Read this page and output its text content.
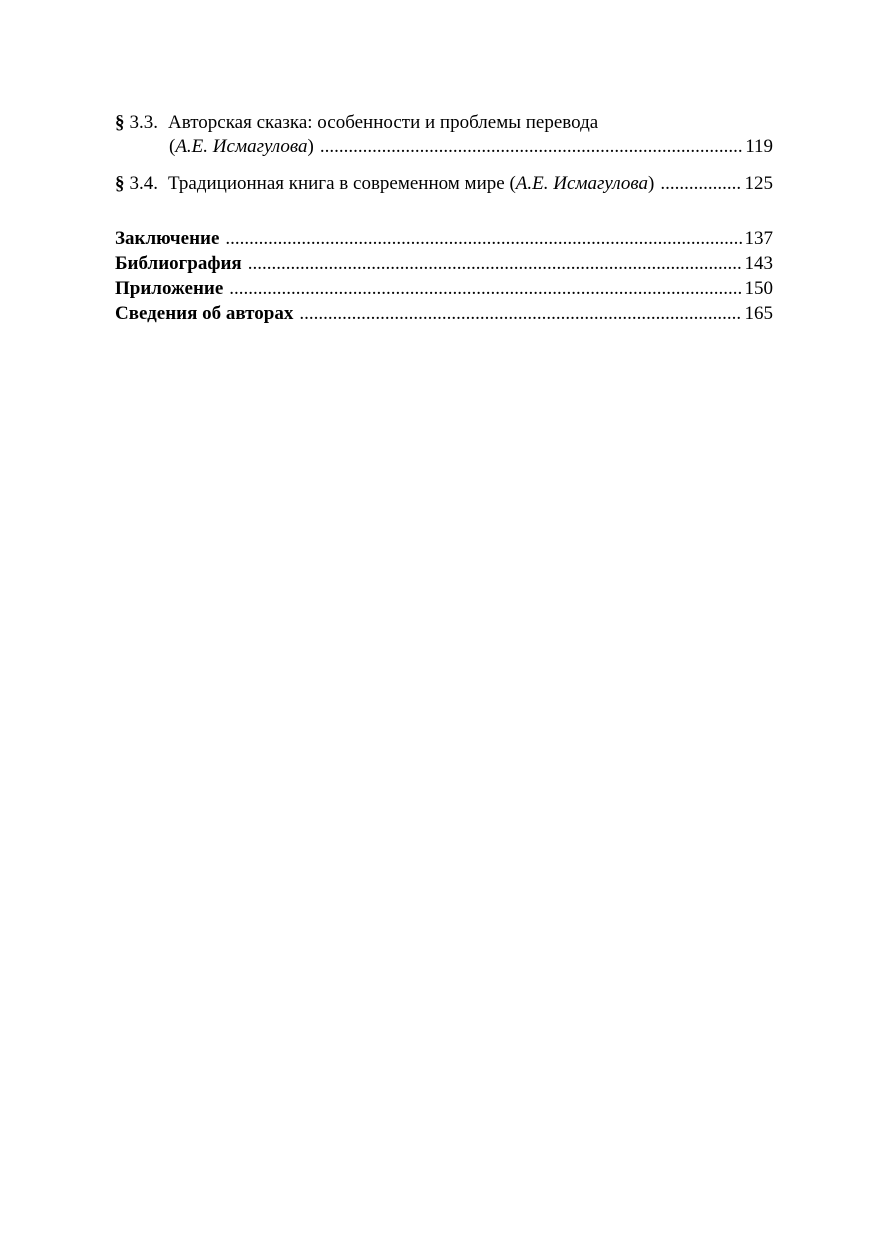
§ 3.3. Авторская сказка: особенности и проблемы перевода
( А.Е. Исмагулова ) .....	119
§ 3.4. Традиционная книга в современном мире ( А.Е. Исмагулова ) .....	125
Заключение .....	137
Библиография .....	143
Приложение .....	150
Сведения об авторах .....	165
